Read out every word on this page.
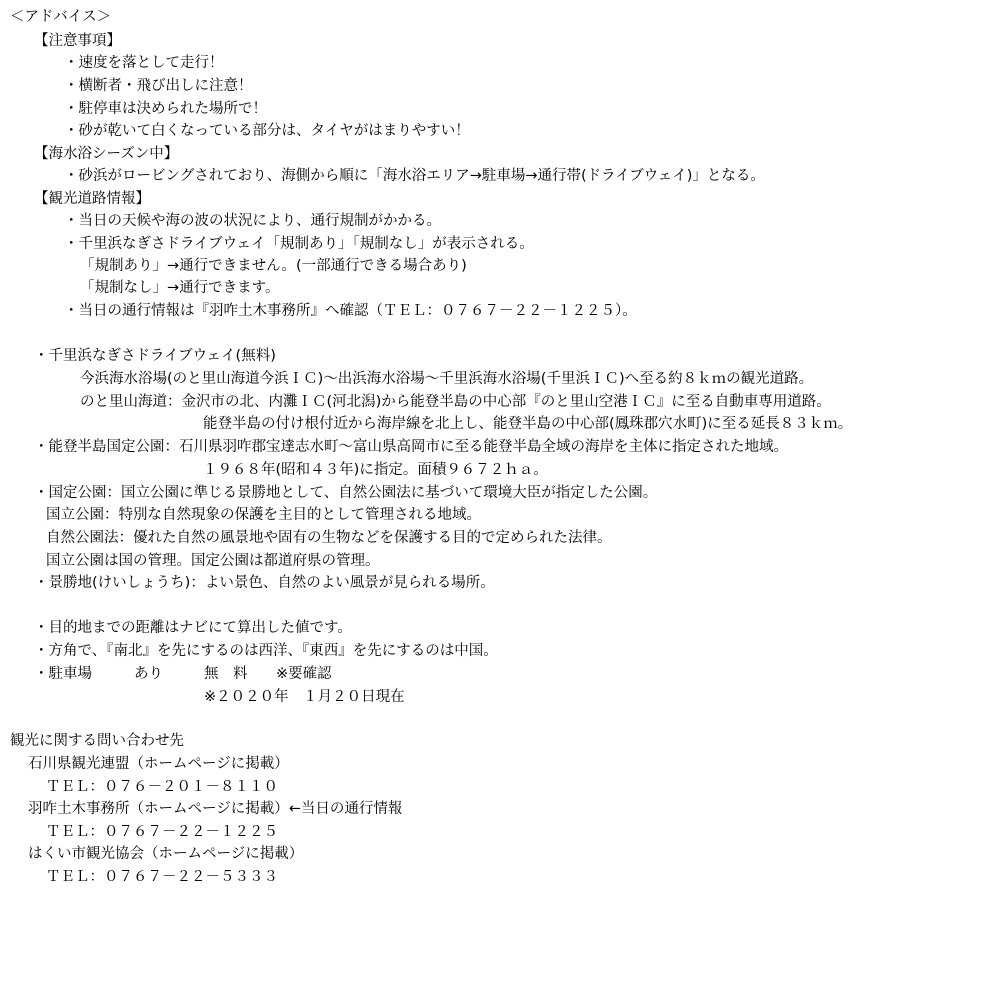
＜アドバイス＞
【注意事項】
・速度を落として走行！
・横断者・飛び出しに注意！
・駐停車は決められた場所で！
・砂が乾いて白くなっている部分は、タイヤがはまりやすい！
【海水浴シーズン中】
・砂浜がロービングされており、海側から順に「海水浴エリア→駐車場→通行帯(ドライブウェイ)」となる。
【観光道路情報】
・当日の天候や海の波の状況により、通行規制がかかる。
・千里浜なぎさドライブウェイ「規制あり」「規制なし」が表示される。
「規制あり」→通行できません。(一部通行できる場合あり)
「規制なし」→通行できます。
・当日の通行情報は『羽咋土木事務所』へ確認（ＴＥＬ：０７６７－２２－１２２５）。
・千里浜なぎさドライブウェイ(無料)
今浜海水浴場(のと里山海道今浜ＩＣ)～出浜海水浴場～千里浜海水浴場(千里浜ＩＣ)へ至る約８ｋｍの観光道路。
のと里山海道：金沢市の北、内灘ＩＣ(河北潟)から能登半島の中心部『のと里山空港ＩＣ』に至る自動車専用道路。
能登半島の付け根付近から海岸線を北上し、能登半島の中心部(鳳珠郡穴水町)に至る延長８３ｋｍ。
・能登半島国定公園：石川県羽咋郡宝達志水町～富山県高岡市に至る能登半島全域の海岸を主体に指定された地域。
１９６８年(昭和４３年)に指定。面積９６７２ｈａ。
・国定公園：国立公園に準じる景勝地として、自然公園法に基づいて環境大臣が指定した公園。
国立公園：特別な自然現象の保護を主目的として管理される地域。
自然公園法：優れた自然の風景地や固有の生物などを保護する目的で定められた法律。
国立公園は国の管理。国定公園は都道府県の管理。
・景勝地(けいしょうち)：よい景色、自然のよい風景が見られる場所。
・目的地までの距離はナビにて算出した値です。
・方角で、『南北』を先にするのは西洋、『東西』を先にするのは中国。
・駐車場	あり	無　料 ※要確認
※２０２０年　１月２０日現在
観光に関する問い合わせ先
石川県観光連盟（ホームページに掲載）
ＴＥＬ：０７６－２０１－８１１０
羽咋土木事務所（ホームページに掲載）←当日の通行情報
ＴＥＬ：０７６７－２２－１２２５
はくい市観光協会（ホームページに掲載）
ＴＥＬ：０７６７－２２－５３３３
